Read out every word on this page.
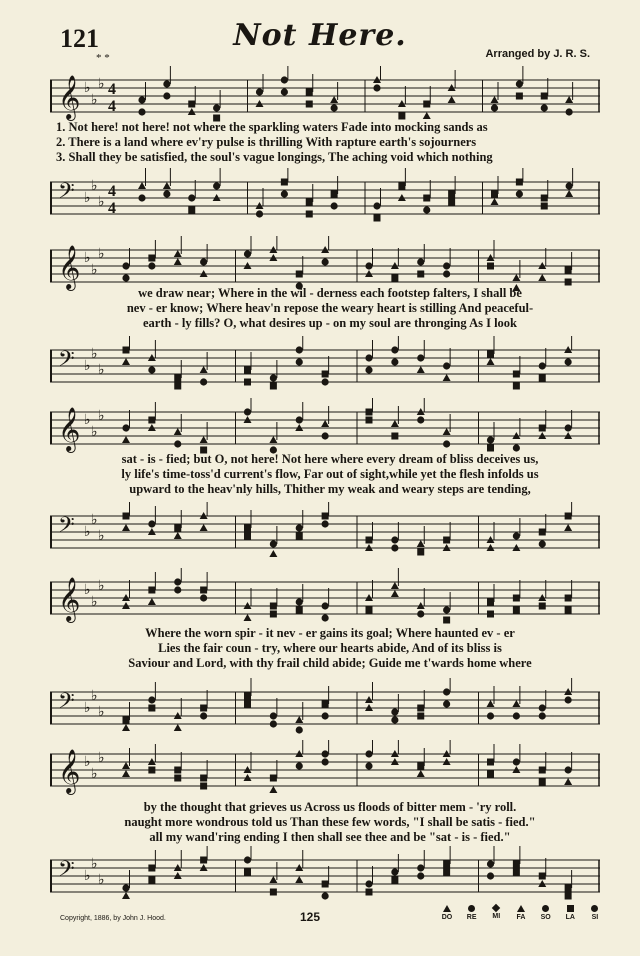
121	Not Here.
* *	Arranged by J. R. S.
𝄞 ♭
♭
♭ 4
4
1. Not here! not here! not where the sparkling waters Fade into mocking sands as
2. There is a land where ev'ry pulse is thrilling With rapture earth's sojourners
3. Shall they be satisfied, the soul's vague longings, The aching void which nothing
𝄢 ♭
♭
♭
4
4
𝄞 ♭
♭
♭
we draw near; Where in the wil - derness each footstep falters, I shall be
nev - er know; Where heav'n repose the weary heart is stilling And peaceful-
earth - ly fills? O, what desires up - on my soul are thronging As I look
𝄢 ♭
♭
♭
𝄞 ♭
♭
♭
sat - is - fied; but O, not here! Not here where every dream of bliss deceives us,
ly life's time-toss'd current's flow, Far out of sight,while yet the flesh infolds us
upward to the heav'nly hills, Thither my weak and weary steps are tending,
𝄢 ♭
♭
♭
𝄞 ♭
♭
♭
Where the worn spir - it nev - er gains its goal; Where haunted ev - er
Lies the fair coun - try, where our hearts abide, And of its bliss is
Saviour and Lord, with thy frail child abide; Guide me t'wards home where
𝄢 ♭
♭
♭
𝄞 ♭
♭
♭
by the thought that grieves us Across us floods of bitter mem - 'ry roll.
naught more wondrous told us Than these few words, "I shall be satis - fied."
all my wand'ring ending I then shall see thee and be "sat - is - fied."
𝄢 ♭
♭
♭
Copyright, 1886, by John J. Hood.	125	DO RE MI FA SO LA SI
